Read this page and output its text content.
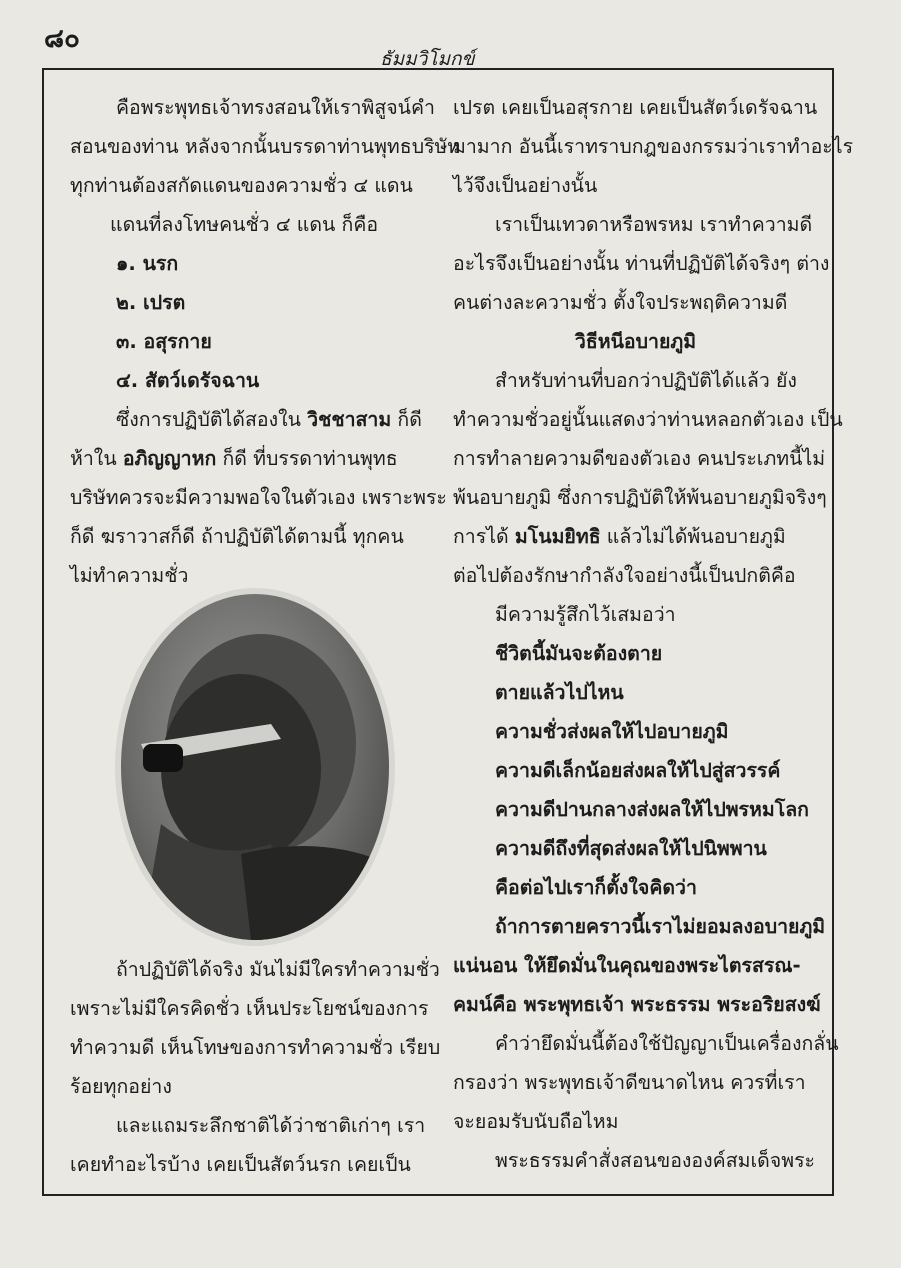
๘๐
ธัมมวิโมกข์

คือพระพุทธเจ้าทรงสอนให้เราพิสูจน์คำ

สอนของท่าน หลังจากนั้นบรรดาท่านพุทธบริษัท

ทุกท่านต้องสกัดแดนของความชั่ว ๔ แดน

แดนที่ลงโทษคนชั่ว ๔ แดน ก็คือ

๑. นรก

๒. เปรต

๓. อสุรกาย

๔. สัตว์เดรัจฉาน

ซึ่งการปฏิบัติได้สองใน วิชชาสาม ก็ดี

ห้าใน อภิญญาหก ก็ดี ที่บรรดาท่านพุทธ

บริษัทควรจะมีความพอใจในตัวเอง เพราะพระ

ก็ดี ฆราวาสก็ดี ถ้าปฏิบัติได้ตามนี้ ทุกคน

ไม่ทำความชั่ว

ถ้าปฏิบัติได้จริง มันไม่มีใครทำความชั่ว

เพราะไม่มีใครคิดชั่ว เห็นประโยชน์ของการ

ทำความดี เห็นโทษของการทำความชั่ว เรียบ

ร้อยทุกอย่าง

และแถมระลึกชาติได้ว่าชาติเก่าๆ เรา

เคยทำอะไรบ้าง เคยเป็นสัตว์นรก เคยเป็น

เปรต เคยเป็นอสุรกาย เคยเป็นสัตว์เดรัจฉาน

มามาก อันนี้เราทราบกฎของกรรมว่าเราทำอะไร

ไว้จึงเป็นอย่างนั้น

เราเป็นเทวดาหรือพรหม เราทำความดี

อะไรจึงเป็นอย่างนั้น ท่านที่ปฏิบัติได้จริงๆ ต่าง

คนต่างละความชั่ว ตั้งใจประพฤติความดี

วิธีหนีอบายภูมิ

สำหรับท่านที่บอกว่าปฏิบัติได้แล้ว ยัง

ทำความชั่วอยู่นั้นแสดงว่าท่านหลอกตัวเอง เป็น

การทำลายความดีของตัวเอง คนประเภทนี้ไม่

พ้นอบายภูมิ ซึ่งการปฏิบัติให้พ้นอบายภูมิจริงๆ

การได้ มโนมยิทธิ แล้วไม่ได้พ้นอบายภูมิ

ต่อไปต้องรักษากำลังใจอย่างนี้เป็นปกติคือ

มีความรู้สึกไว้เสมอว่า

ชีวิตนี้มันจะต้องตาย

ตายแล้วไปไหน

ความชั่วส่งผลให้ไปอบายภูมิ

ความดีเล็กน้อยส่งผลให้ไปสู่สวรรค์

ความดีปานกลางส่งผลให้ไปพรหมโลก

ความดีถึงที่สุดส่งผลให้ไปนิพพาน

คือต่อไปเราก็ตั้งใจคิดว่า

ถ้าการตายคราวนี้เราไม่ยอมลงอบายภูมิ

แน่นอน ให้ยึดมั่นในคุณของพระไตรสรณ-

คมน์คือ พระพุทธเจ้า พระธรรม พระอริยสงฆ์

คำว่ายึดมั่นนี้ต้องใช้ปัญญาเป็นเครื่องกลั่น

กรองว่า พระพุทธเจ้าดีขนาดไหน ควรที่เรา

จะยอมรับนับถือไหม

พระธรรมคำสั่งสอนขององค์สมเด็จพระ
